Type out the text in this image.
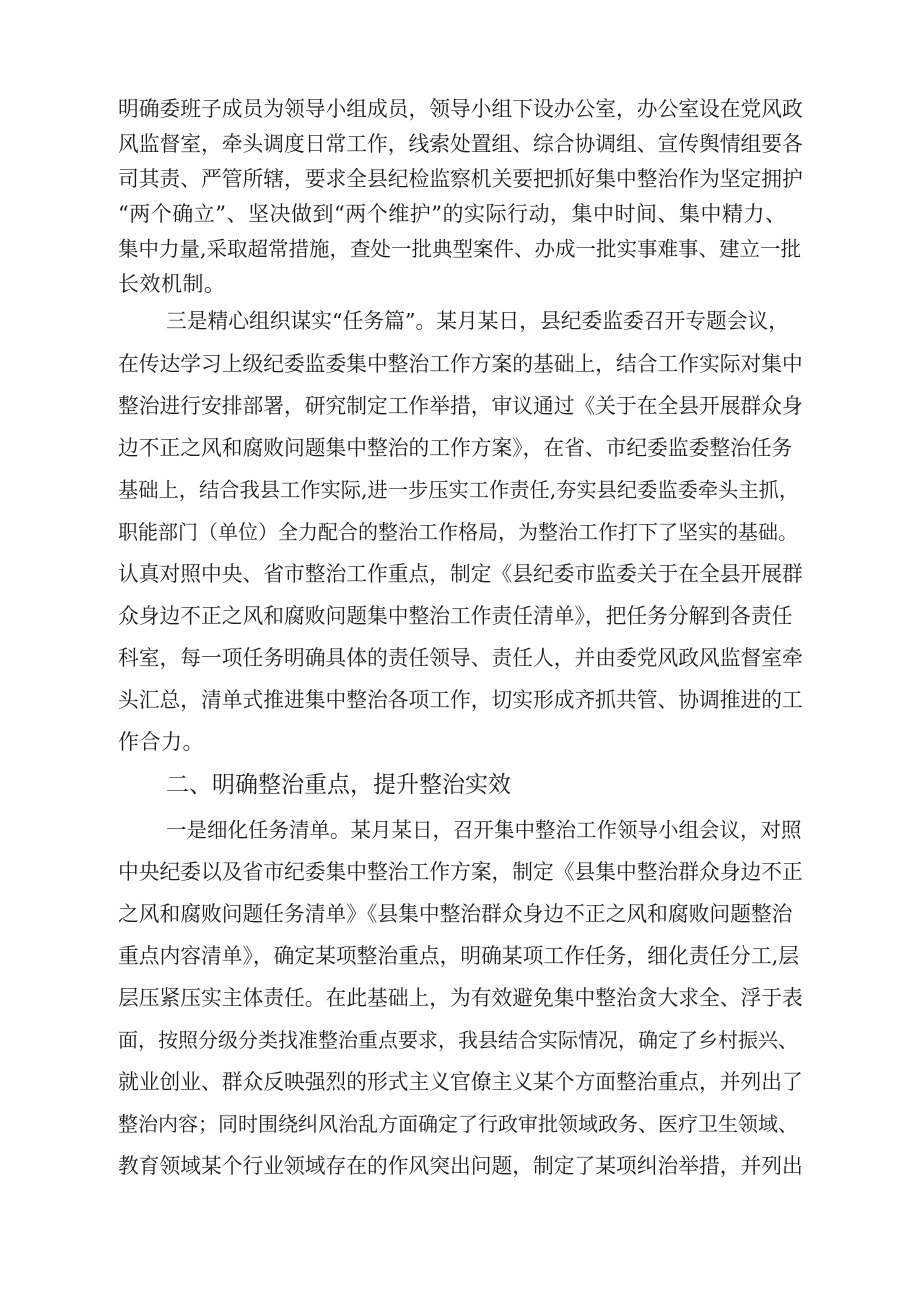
明确委班子成员为领导小组成员，领导小组下设办公室，办公室设在党风政
风监督室，牵头调度日常工作，线索处置组、综合协调组、宣传舆情组要各
司其责、严管所辖，要求全县纪检监察机关要把抓好集中整治作为坚定拥护
“两个确立”、坚决做到“两个维护”的实际行动，集中时间、集中精力、
集中力量,采取超常措施，查处一批典型案件、办成一批实事难事、建立一批
长效机制。
三是精心组织谋实“任务篇”。某月某日，县纪委监委召开专题会议，
在传达学习上级纪委监委集中整治工作方案的基础上，结合工作实际对集中
整治进行安排部署，研究制定工作举措，审议通过《关于在全县开展群众身
边不正之风和腐败问题集中整治的工作方案》，在省、市纪委监委整治任务
基础上，结合我县工作实际,进一步压实工作责任,夯实县纪委监委牵头主抓，
职能部门（单位）全力配合的整治工作格局，为整治工作打下了坚实的基础。
认真对照中央、省市整治工作重点，制定《县纪委市监委关于在全县开展群
众身边不正之风和腐败问题集中整治工作责任清单》，把任务分解到各责任
科室，每一项任务明确具体的责任领导、责任人，并由委党风政风监督室牵
头汇总，清单式推进集中整治各项工作，切实形成齐抓共管、协调推进的工
作合力。
二、明确整治重点，提升整治实效
一是细化任务清单。某月某日，召开集中整治工作领导小组会议，对照
中央纪委以及省市纪委集中整治工作方案，制定《县集中整治群众身边不正
之风和腐败问题任务清单》《县集中整治群众身边不正之风和腐败问题整治
重点内容清单》，确定某项整治重点，明确某项工作任务，细化责任分工,层
层压紧压实主体责任。在此基础上，为有效避免集中整治贪大求全、浮于表
面，按照分级分类找准整治重点要求，我县结合实际情况，确定了乡村振兴、
就业创业、群众反映强烈的形式主义官僚主义某个方面整治重点，并列出了
整治内容；同时围绕纠风治乱方面确定了行政审批领域政务、医疗卫生领域、
教育领域某个行业领域存在的作风突出问题，制定了某项纠治举措，并列出
